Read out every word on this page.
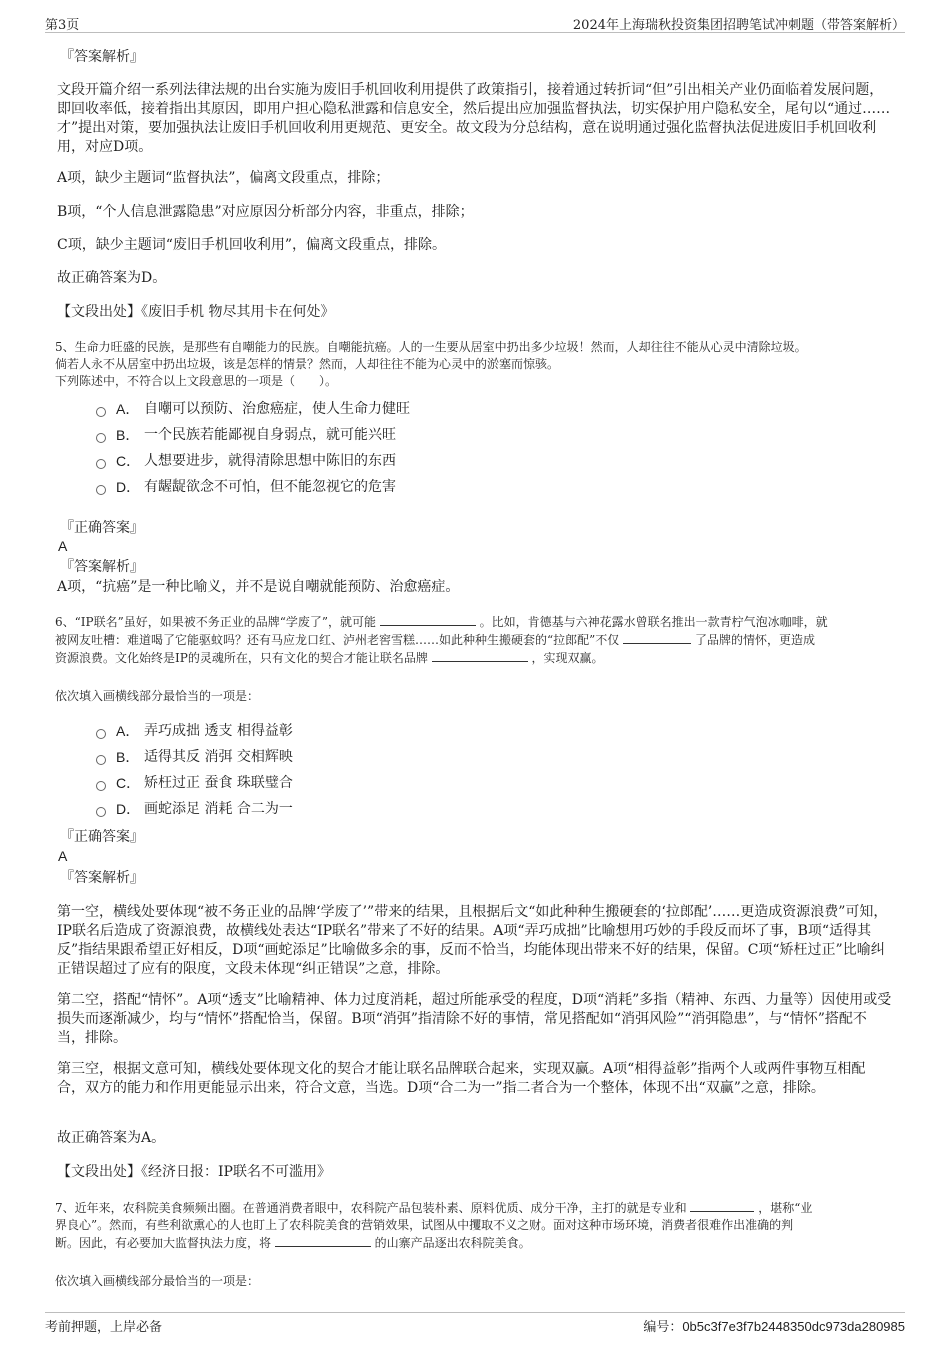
第3页	2024年上海瑞秋投资集团招聘笔试冲刺题（带答案解析）
『答案解析』

文段开篇介绍一系列法律法规的出台实施为废旧手机回收利用提供了政策指引，接着通过转折词“但”引出相关产业仍面临着发展问题，即回收率低，接着指出其原因，即用户担心隐私泄露和信息安全，然后提出应加强监督执法，切实保护用户隐私安全，尾句以“通过……才”提出对策，要加强执法让废旧手机回收利用更规范、更安全。故文段为分总结构，意在说明通过强化监督执法促进废旧手机回收利用，对应D项。

A项，缺少主题词“监督执法”，偏离文段重点，排除；

B项，“个人信息泄露隐患”对应原因分析部分内容，非重点，排除；

C项，缺少主题词“废旧手机回收利用”，偏离文段重点，排除。

故正确答案为D。

【文段出处】《废旧手机 物尽其用卡在何处》

5、生命力旺盛的民族，是那些有自嘲能力的民族。自嘲能抗癌。人的一生要从居室中扔出多少垃圾！然而，人却往往不能从心灵中清除垃圾。
倘若人永不从居室中扔出垃圾，该是怎样的情景？然而，人却往往不能为心灵中的淤塞而惊骇。
下列陈述中，不符合以上文段意思的一项是（　　）。
A． 自嘲可以预防、治愈癌症，使人生命力健旺
B． 一个民族若能鄙视自身弱点，就可能兴旺
C． 人想要进步，就得清除思想中陈旧的东西
D． 有龌龊欲念不可怕，但不能忽视它的危害
『正确答案』
A
『答案解析』

A项，“抗癌”是一种比喻义，并不是说自嘲就能预防、治愈癌症。

6、“IP联名”虽好，如果被不务正业的品牌“学废了”，就可能	。比如，肯德基与六神花露水曾联名推出一款青柠气泡冰咖啡，就
被网友吐槽：难道喝了它能驱蚊吗？还有马应龙口红、泸州老窖雪糕……如此种种生搬硬套的“拉郎配”不仅	了品牌的情怀，更造成
资源浪费。文化始终是IP的灵魂所在，只有文化的契合才能让联名品牌	，实现双赢。
依次填入画横线部分最恰当的一项是：
A． 弄巧成拙 透支 相得益彰
B． 适得其反 消弭 交相辉映
C． 矫枉过正 蚕食 珠联璧合
D． 画蛇添足 消耗 合二为一
『正确答案』
A
『答案解析』

第一空，横线处要体现“被不务正业的品牌‘学废了’”带来的结果，且根据后文“如此种种生搬硬套的‘拉郎配’……更造成资源浪费”可知，IP联名后造成了资源浪费，故横线处表达“IP联名”带来了不好的结果。A项“弄巧成拙”比喻想用巧妙的手段反而坏了事，B项“适得其反”指结果跟希望正好相反，D项“画蛇添足”比喻做多余的事，反而不恰当，均能体现出带来不好的结果，保留。C项“矫枉过正”比喻纠正错误超过了应有的限度，文段未体现“纠正错误”之意，排除。

第二空，搭配“情怀”。A项“透支”比喻精神、体力过度消耗，超过所能承受的程度，D项“消耗”多指（精神、东西、力量等）因使用或受损失而逐渐减少，均与“情怀”搭配恰当，保留。B项“消弭”指清除不好的事情，常见搭配如“消弭风险”“消弭隐患”，与“情怀”搭配不当，排除。

第三空，根据文意可知，横线处要体现文化的契合才能让联名品牌联合起来，实现双赢。A项“相得益彰”指两个人或两件事物互相配合，双方的能力和作用更能显示出来，符合文意，当选。D项“合二为一”指二者合为一个整体，体现不出“双赢”之意，排除。

故正确答案为A。

【文段出处】《经济日报：IP联名不可滥用》

7、近年来，农科院美食频频出圈。在普通消费者眼中，农科院产品包装朴素、原料优质、成分干净，主打的就是专业和	，堪称“业
界良心”。然而，有些利欲熏心的人也盯上了农科院美食的营销效果，试图从中攫取不义之财。面对这种市场环境，消费者很难作出准确的判
断。因此，有必要加大监督执法力度，将	的山寨产品逐出农科院美食。
依次填入画横线部分最恰当的一项是：
考前押题，上岸必备	编号：0b5c3f7e3f7b2448350dc973da280985
